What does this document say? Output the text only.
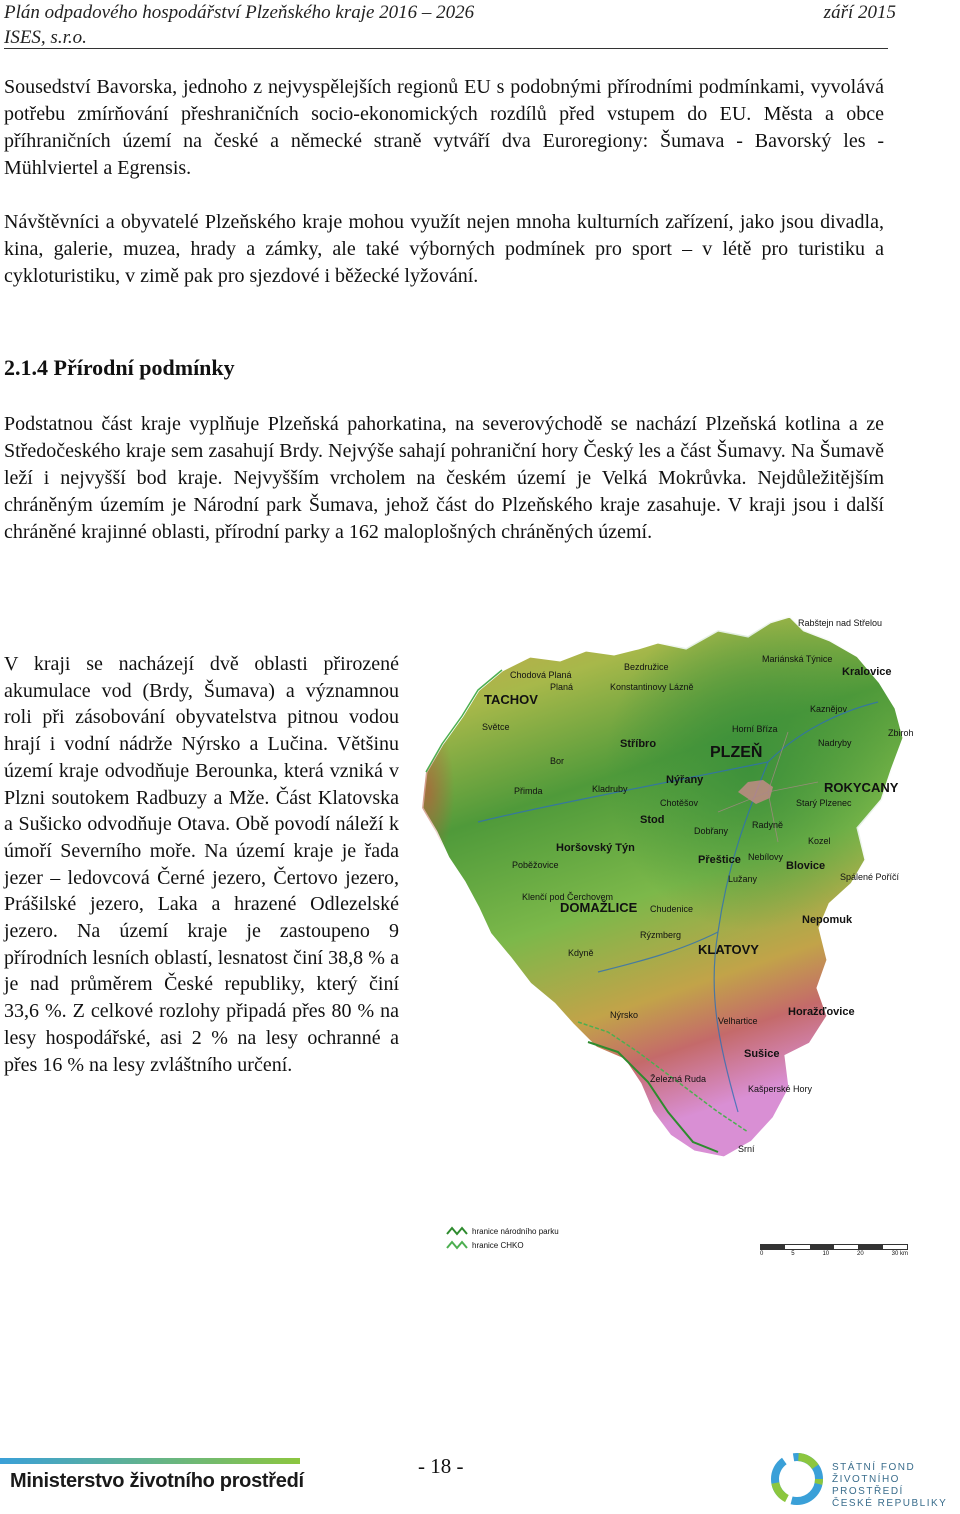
Plán odpadového hospodářství Plzeňského kraje 2016 – 2026	září 2015
ISES, s.r.o.

Sousedství Bavorska, jednoho z nejvyspělejších regionů EU s podobnými přírodními podmínkami, vyvolává potřebu zmírňování přeshraničních socio-ekonomických rozdílů před vstupem do EU. Města a obce příhraničních území na české a německé straně vytváří dva Euroregiony: Šumava - Bavorský les - Mühlviertel a Egrensis.

Návštěvníci a obyvatelé Plzeňského kraje mohou využít nejen mnoha kulturních zařízení, jako jsou divadla, kina, galerie, muzea, hrady a zámky, ale také výborných podmínek pro sport – v létě pro turistiku a cykloturistiku, v zimě pak pro sjezdové i běžecké lyžování.

2.1.4 Přírodní podmínky

Podstatnou část kraje vyplňuje Plzeňská pahorkatina, na severovýchodě se nachází Plzeňská kotlina a ze Středočeského kraje sem zasahují Brdy. Nejvýše sahají pohraniční hory Český les a část Šumavy. Na Šumavě leží i nejvyšší bod kraje. Nejvyšším vrcholem na českém území je Velká Mokrůvka. Nejdůležitějším chráněným územím je Národní park Šumava, jehož část do Plzeňského kraje zasahuje. V kraji jsou i další chráněné krajinné oblasti, přírodní parky a 162 maloplošných chráněných území.

V kraji se nacházejí dvě oblasti přirozené akumulace vod (Brdy, Šumava) a významnou roli při zásobování obyvatelstva pitnou vodou hrají i vodní nádrže Nýrsko a Lučina. Většinu území kraje odvodňuje Berounka, která vzniká v Plzni soutokem Radbuzy a Mže. Část Klatovska a Sušicko odvodňuje Otava. Obě povodí náleží k úmoří Severního moře. Na území kraje je řada jezer – ledovcová Černé jezero, Čertovo jezero, Prášilské jezero, Laka a hrazené Odlezelské jezero. Na území kraje je zastoupeno 9 přírodních lesních oblastí, lesnatost činí 38,8 % a je nad průměrem České republiky, který činí 33,6 %. Z celkové rozlohy připadá přes 80 % na lesy hospodářské, asi 2 % na lesy ochranné a přes 16 % na lesy zvláštního určení.

Rabštejn nad Střelou
Chodová Planá
Bezdružice
Mariánská Týnice
Kralovice
TACHOV
Planá	Konstantinovy Lázně
Kaznějov
Světce
Stříbro
Horní Bříza	Zbiroh
PLZEŇ
Nadryby
Bor
Nýřany	ROKYCANY
Přimda	Kladruby
Starý Plzenec
Chotěšov
Radyně
Stod
Dobřany
Kozel
Horšovský Týn
Přeštice Nebílovy
Blovice
Poběžovice
Lužany	Spálené Poříčí
Klenčí pod Čerchovem
DOMAŽLICE Chudenice
Nepomuk
Rýzmberg
KLATOVY
Kdyně
Nýrsko
Velhartice
Horažďovice
Sušice
Železná Ruda
Kašperské Hory
Srní
hranice národního parku
hranice CHKO
0	5	10	20	30 km
Ministerstvo životního prostředí
- 18 -	STÁTNÍ FOND
ŽIVOTNÍHO PROSTŘEDÍ
ČESKÉ REPUBLIKY
